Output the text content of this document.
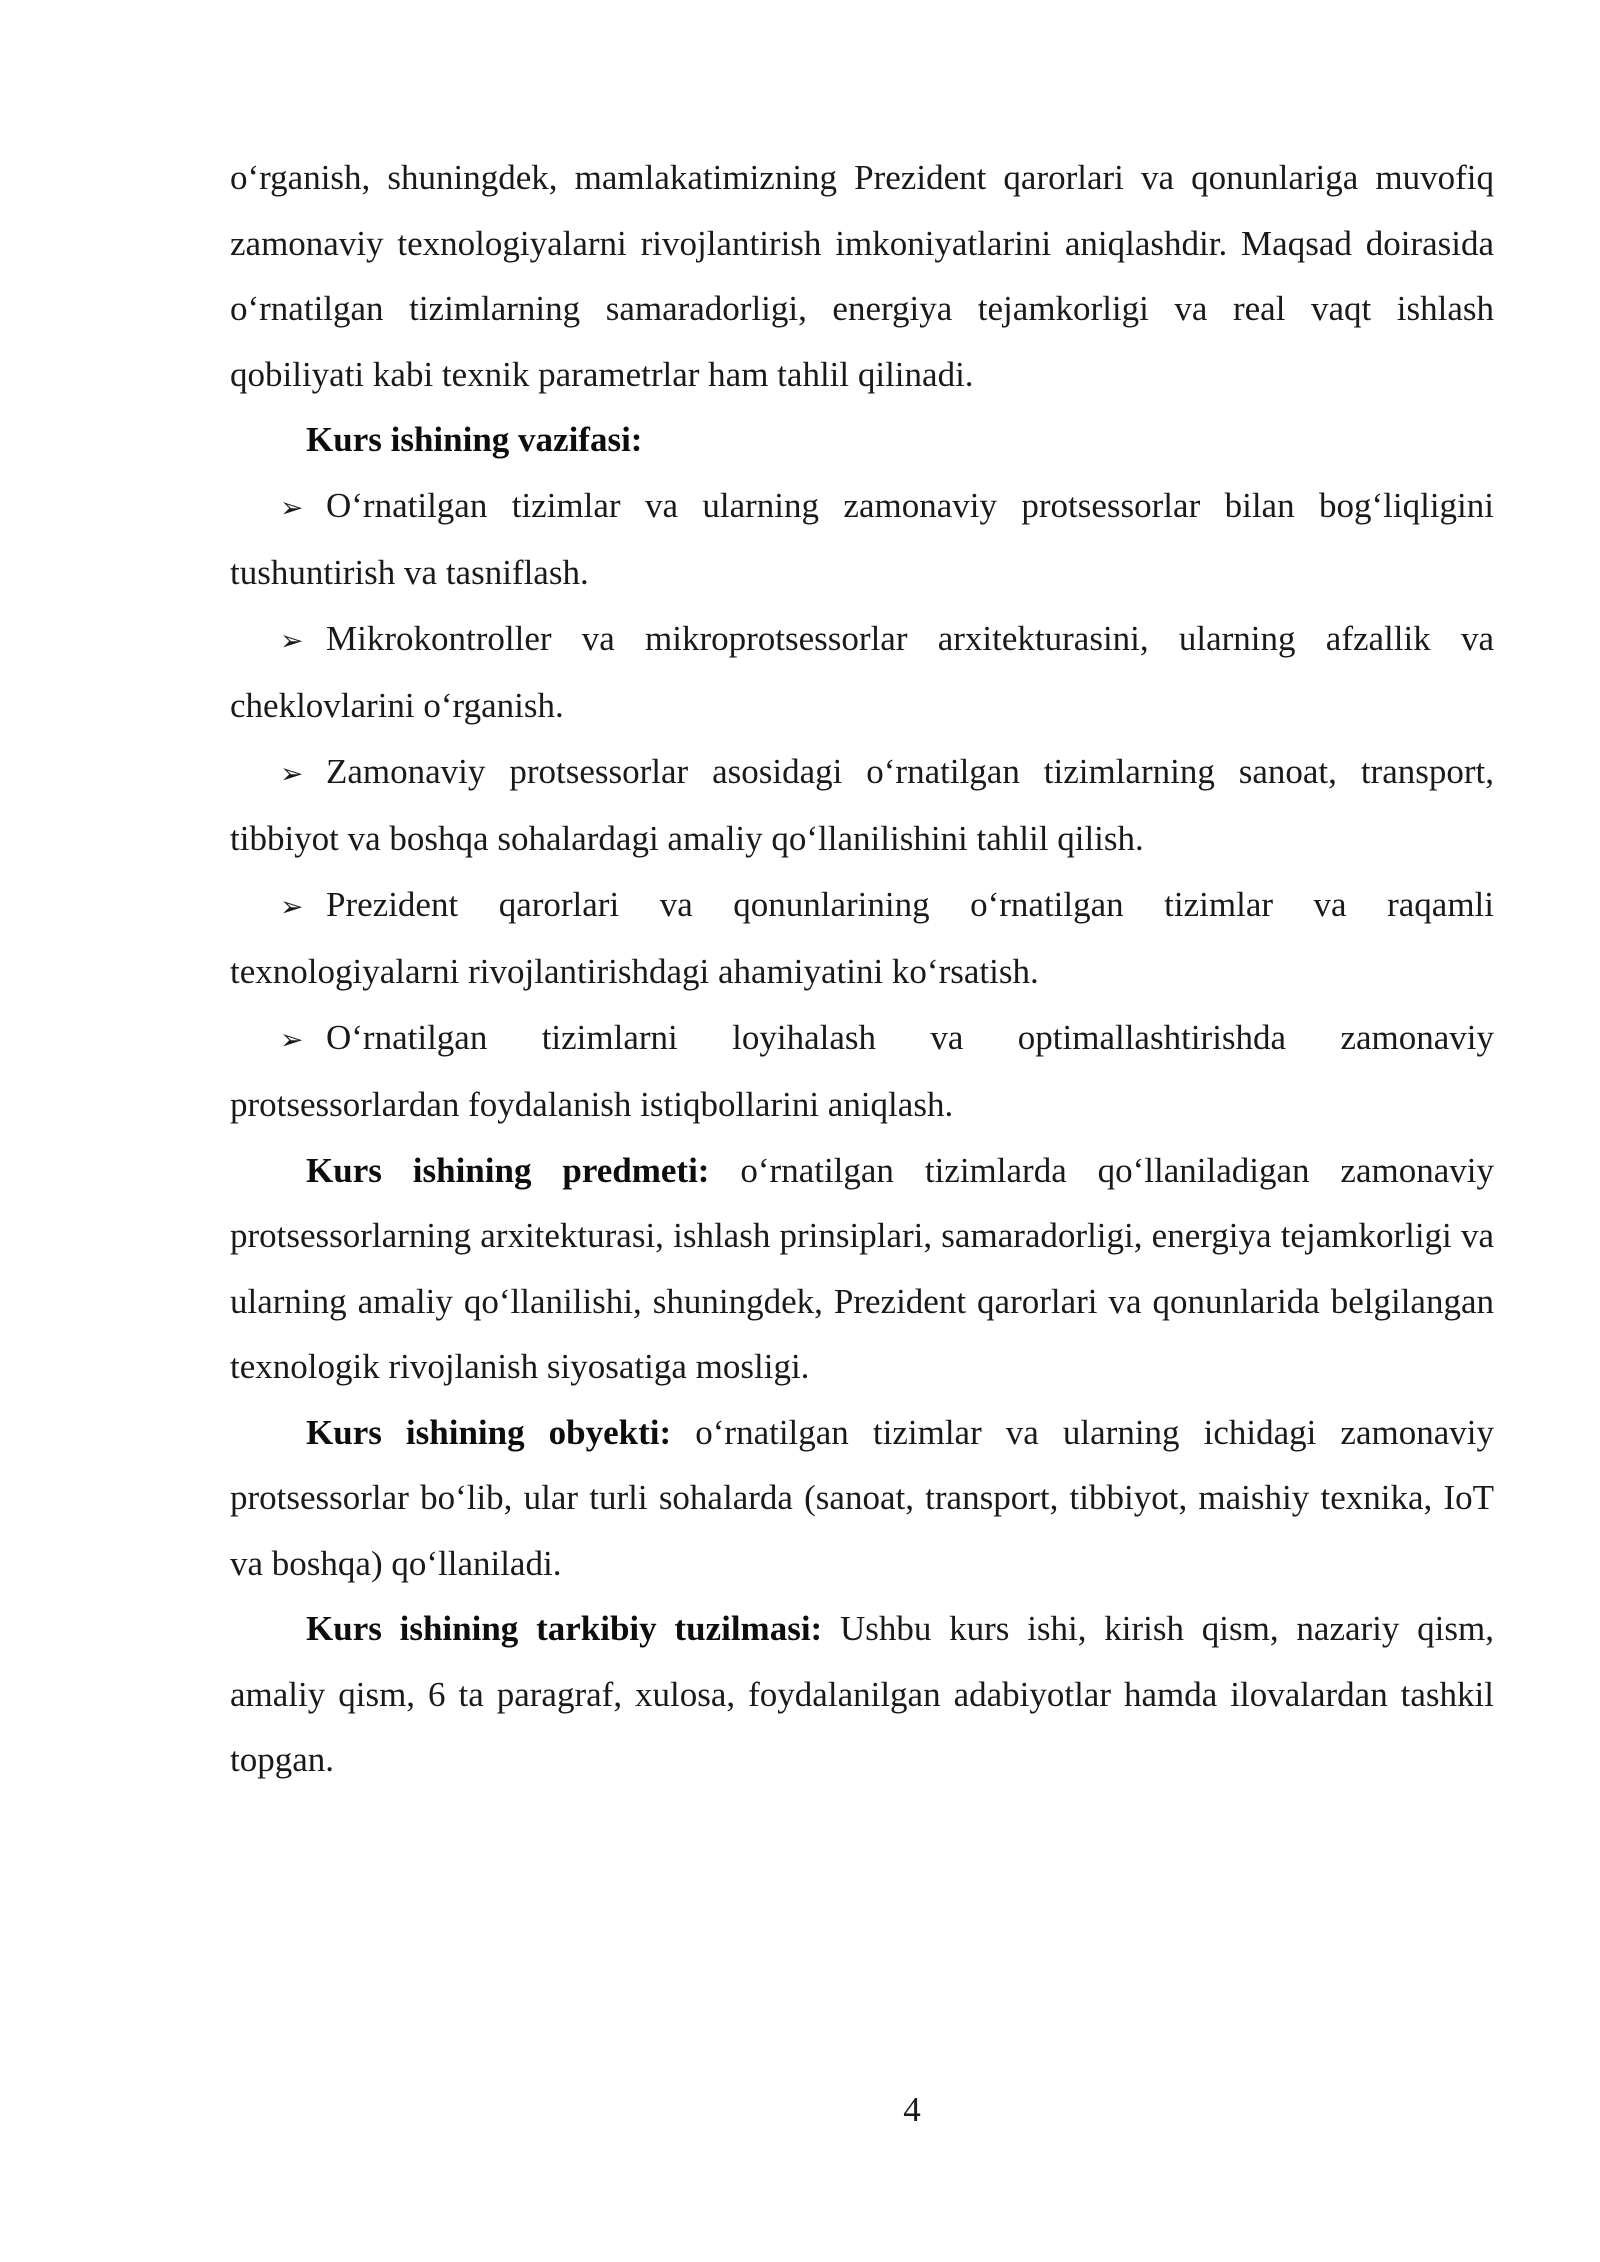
o‘rganish, shuningdek, mamlakatimizning Prezident qarorlari va qonunlariga muvofiq zamonaviy texnologiyalarni rivojlantirish imkoniyatlarini aniqlashdir. Maqsad doirasida o‘rnatilgan tizimlarning samaradorligi, energiya tejamkorligi va real vaqt ishlash qobiliyati kabi texnik parametrlar ham tahlil qilinadi.

Kurs ishining vazifasi:

➢ O‘rnatilgan tizimlar va ularning zamonaviy protsessorlar bilan bog‘liqligini tushuntirish va tasniflash.

➢ Mikrokontroller va mikroprotsessorlar arxitekturasini, ularning afzallik va cheklovlarini o‘rganish.

➢ Zamonaviy protsessorlar asosidagi o‘rnatilgan tizimlarning sanoat, transport, tibbiyot va boshqa sohalardagi amaliy qo‘llanilishini tahlil qilish.

➢ Prezident qarorlari va qonunlarining o‘rnatilgan tizimlar va raqamli texnologiyalarni rivojlantirishdagi ahamiyatini ko‘rsatish.

➢ O‘rnatilgan tizimlarni loyihalash va optimallashtirishda zamonaviy protsessorlardan foydalanish istiqbollarini aniqlash.

Kurs ishining predmeti: o‘rnatilgan tizimlarda qo‘llaniladigan zamonaviy protsessorlarning arxitekturasi, ishlash prinsiplari, samaradorligi, energiya tejamkorligi va ularning amaliy qo‘llanilishi, shuningdek, Prezident qarorlari va qonunlarida belgilangan texnologik rivojlanish siyosatiga mosligi.

Kurs ishining obyekti: o‘rnatilgan tizimlar va ularning ichidagi zamonaviy protsessorlar bo‘lib, ular turli sohalarda (sanoat, transport, tibbiyot, maishiy texnika, IoT va boshqa) qo‘llaniladi.

Kurs ishining tarkibiy tuzilmasi: Ushbu kurs ishi, kirish qism, nazariy qism, amaliy qism, 6 ta paragraf, xulosa, foydalanilgan adabiyotlar hamda ilovalardan tashkil topgan.

4
